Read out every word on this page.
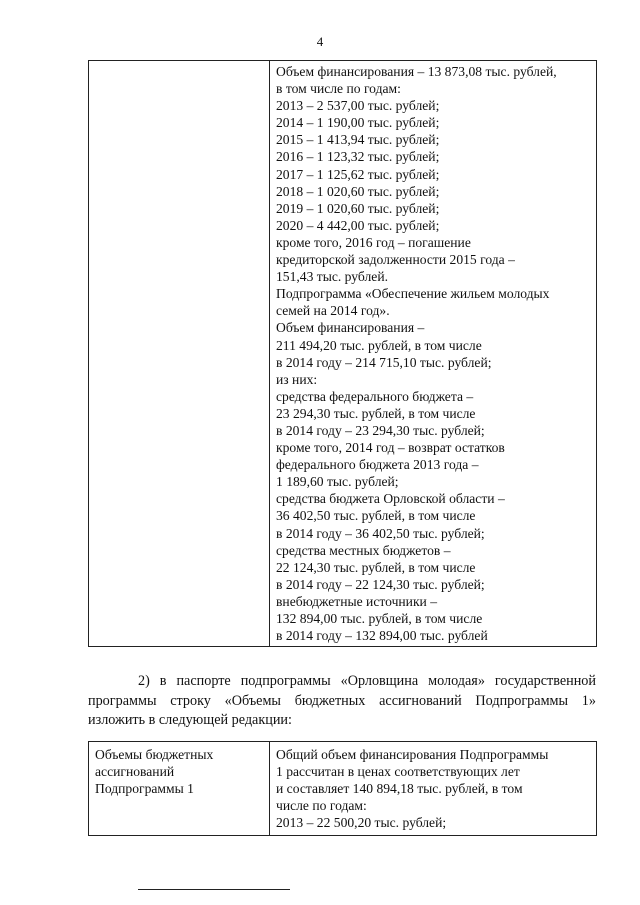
4

Объем финансирования – 13 873,08 тыс. рублей,
в том числе по годам:
2013 – 2 537,00 тыс. рублей;
2014 – 1 190,00 тыс. рублей;
2015 – 1 413,94 тыс. рублей;
2016 – 1 123,32 тыс. рублей;
2017 – 1 125,62 тыс. рублей;
2018 – 1 020,60 тыс. рублей;
2019 – 1 020,60 тыс. рублей;
2020 – 4 442,00 тыс. рублей;
кроме того, 2016 год – погашение
кредиторской задолженности 2015 года –
151,43 тыс. рублей.
Подпрограмма «Обеспечение жильем молодых
семей на 2014 год».
Объем финансирования –
211 494,20 тыс. рублей, в том числе
в 2014 году – 214 715,10 тыс. рублей;
из них:
средства федерального бюджета –
23 294,30 тыс. рублей, в том числе
в 2014 году – 23 294,30 тыс. рублей;
кроме того, 2014 год – возврат остатков
федерального бюджета 2013 года –
1 189,60 тыс. рублей;
средства бюджета Орловской области –
36 402,50 тыс. рублей, в том числе
в 2014 году – 36 402,50 тыс. рублей;
средства местных бюджетов –
22 124,30 тыс. рублей, в том числе
в 2014 году – 22 124,30 тыс. рублей;
внебюджетные источники –
132 894,00 тыс. рублей, в том числе
в 2014 году – 132 894,00 тыс. рублей
2) в паспорте подпрограммы «Орловщина молодая» государственной
программы строку «Объемы бюджетных ассигнований Подпрограммы 1»
изложить в следующей редакции:
Объемы бюджетных
ассигнований
Подпрограммы 1

Общий объем финансирования Подпрограммы
1 рассчитан в ценах соответствующих лет
и составляет 140 894,18 тыс. рублей, в том
числе по годам:
2013 – 22 500,20 тыс. рублей;
